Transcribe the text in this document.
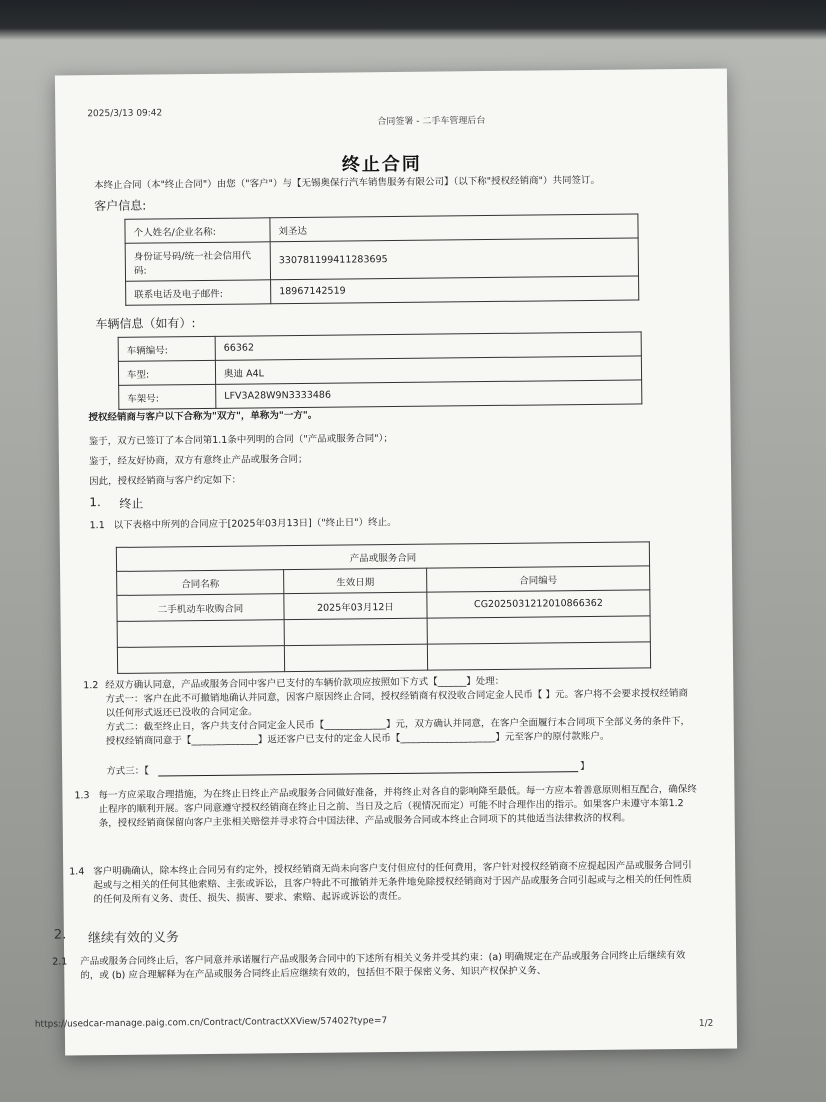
2025/3/13 09:42
合同签署 - 二手车管理后台
终止合同
本终止合同（本"终止合同"）由您（"客户"）与【无锡奥保行汽车销售服务有限公司】（以下称"授权经销商"）共同签订。
客户信息:
个人姓名/企业名称:	刘圣达
身份证号码/统一社会信用代码:	330781199411283695
联系电话及电子邮件:	18967142519
车辆信息（如有）:
车辆编号:	66362
车型:	奥迪 A4L
车架号:	LFV3A28W9N3333486
授权经销商与客户以下合称为"双方"，单称为"一方"。
鉴于，双方已签订了本合同第1.1条中列明的合同（"产品或服务合同"）；
鉴于，经友好协商，双方有意终止产品或服务合同；
因此，授权经销商与客户约定如下：
1. 终止
1.1 以下表格中所列的合同应于[2025年03月13日]（"终止日"）终止。
产品或服务合同		
合同名称	生效日期	合同编号
二手机动车收购合同	2025年03月12日	CG2025031212010866362

1.2 经双方确认同意，产品或服务合同中客户已支付的车辆价款项应按照如下方式【______】处理：
方式一：客户在此不可撤销地确认并同意，因客户原因终止合同，授权经销商有权没收合同定金人民币【 】元。客户将不会要求授权经销商以任何形式返还已没收的合同定金。
方式二：截至终止日，客户共支付合同定金人民币【_____________】元，双方确认并同意，在客户全面履行本合同项下全部义务的条件下，授权经销商同意于【______________】返还客户已支付的定金人民币【____________________】元至客户的原付款账户。
方式三：【	】
1.3 每一方应采取合理措施，为在终止日终止产品或服务合同做好准备，并将终止对各自的影响降至最低。每一方应本着善意原则相互配合，确保终止程序的顺利开展。客户同意遵守授权经销商在终止日之前、当日及之后（视情况而定）可能不时合理作出的指示。如果客户未遵守本第1.2条，授权经销商保留向客户主张相关赔偿并寻求符合中国法律、产品或服务合同或本终止合同项下的其他适当法律救济的权利。
1.4 客户明确确认，除本终止合同另有约定外，授权经销商无尚未向客户支付但应付的任何费用，客户针对授权经销商不应提起因产品或服务合同引起或与之相关的任何其他索赔、主张或诉讼，且客户特此不可撤销并无条件地免除授权经销商对于因产品或服务合同引起或与之相关的任何性质的任何及所有义务、责任、损失、损害、要求、索赔、起诉或诉讼的责任。
2. 继续有效的义务
2.1 产品或服务合同终止后，客户同意并承诺履行产品或服务合同中的下述所有相关义务并受其约束：(a) 明确规定在产品或服务合同终止后继续有效的，或 (b) 应合理解释为在产品或服务合同终止后应继续有效的，包括但不限于保密义务、知识产权保护义务、
https://usedcar-manage.paig.com.cn/Contract/ContractXXView/57402?type=7	1/2
